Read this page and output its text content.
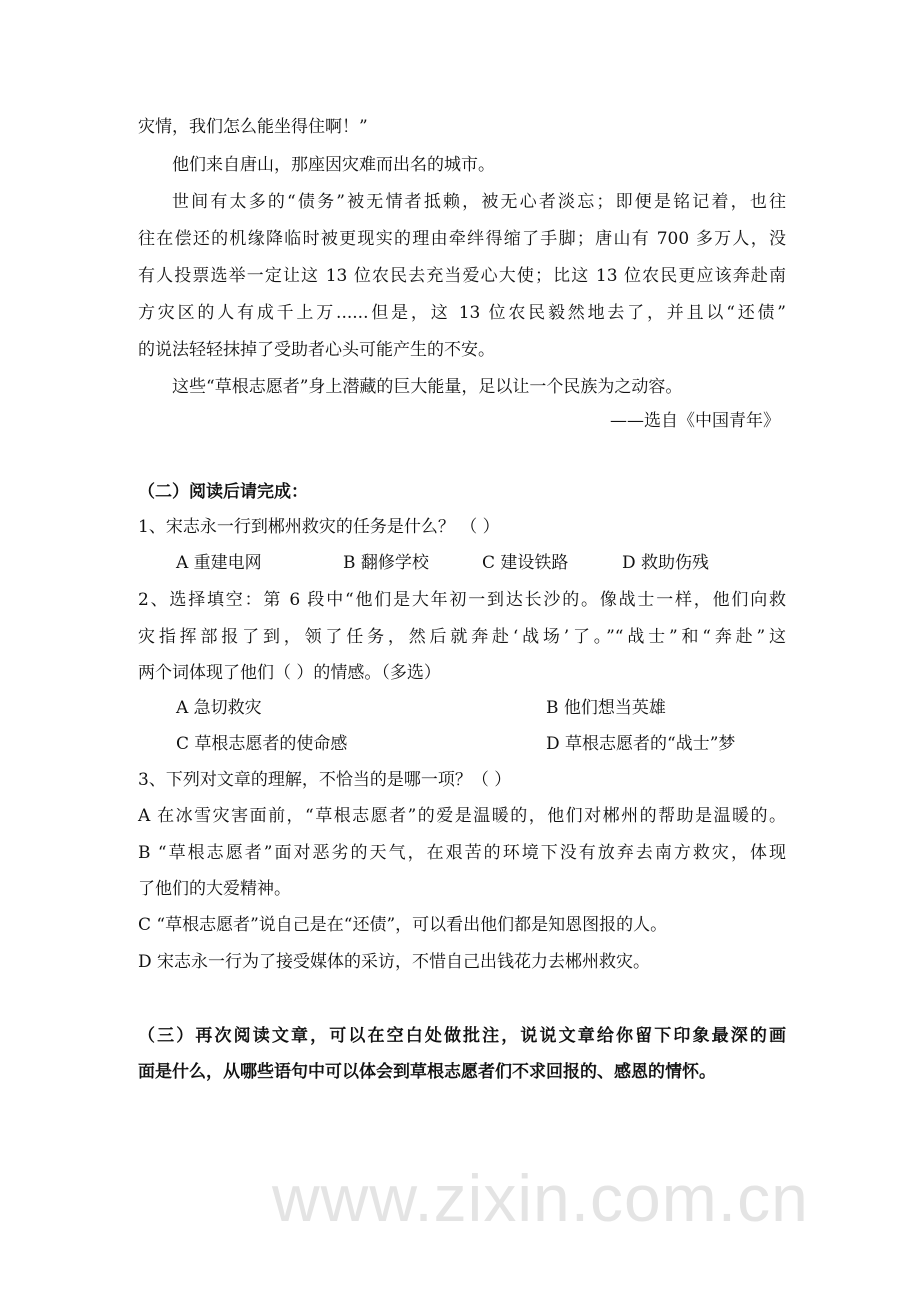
www.zixin.com.cn
灾情，我们怎么能坐得住啊！”
他们来自唐山，那座因灾难而出名的城市。
世间有太多的“债务”被无情者抵赖，被无心者淡忘；即便是铭记着，也往
往在偿还的机缘降临时被更现实的理由牵绊得缩了手脚；唐山有 700 多万人，没
有人投票选举一定让这 13 位农民去充当爱心大使；比这 13 位农民更应该奔赴南
方灾区的人有成千上万......但是，这 13 位农民毅然地去了，并且以“还债”
的说法轻轻抹掉了受助者心头可能产生的不安。
这些“草根志愿者”身上潜藏的巨大能量，足以让一个民族为之动容。
——选自《中国青年》
（二）阅读后请完成：
1、宋志永一行到郴州救灾的任务是什么？ （ ）
A 重建电网	B 翻修学校	C 建设铁路	D 救助伤残
2、选择填空：第 6 段中“他们是大年初一到达长沙的。像战士一样，他们向救
灾指挥部报了到，领了任务，然后就奔赴‘战场’了。”“战士”和“奔赴”这
两个词体现了他们（ ）的情感。（多选）
A 急切救灾	B 他们想当英雄
C 草根志愿者的使命感	D 草根志愿者的“战士”梦
3、下列对文章的理解，不恰当的是哪一项？（ ）
A 在冰雪灾害面前，“草根志愿者”的爱是温暖的，他们对郴州的帮助是温暖的。
B “草根志愿者”面对恶劣的天气，在艰苦的环境下没有放弃去南方救灾，体现
了他们的大爱精神。
C “草根志愿者”说自己是在“还债”，可以看出他们都是知恩图报的人。
D 宋志永一行为了接受媒体的采访，不惜自己出钱花力去郴州救灾。
（三）再次阅读文章，可以在空白处做批注，说说文章给你留下印象最深的画
面是什么，从哪些语句中可以体会到草根志愿者们不求回报的、感恩的情怀。
